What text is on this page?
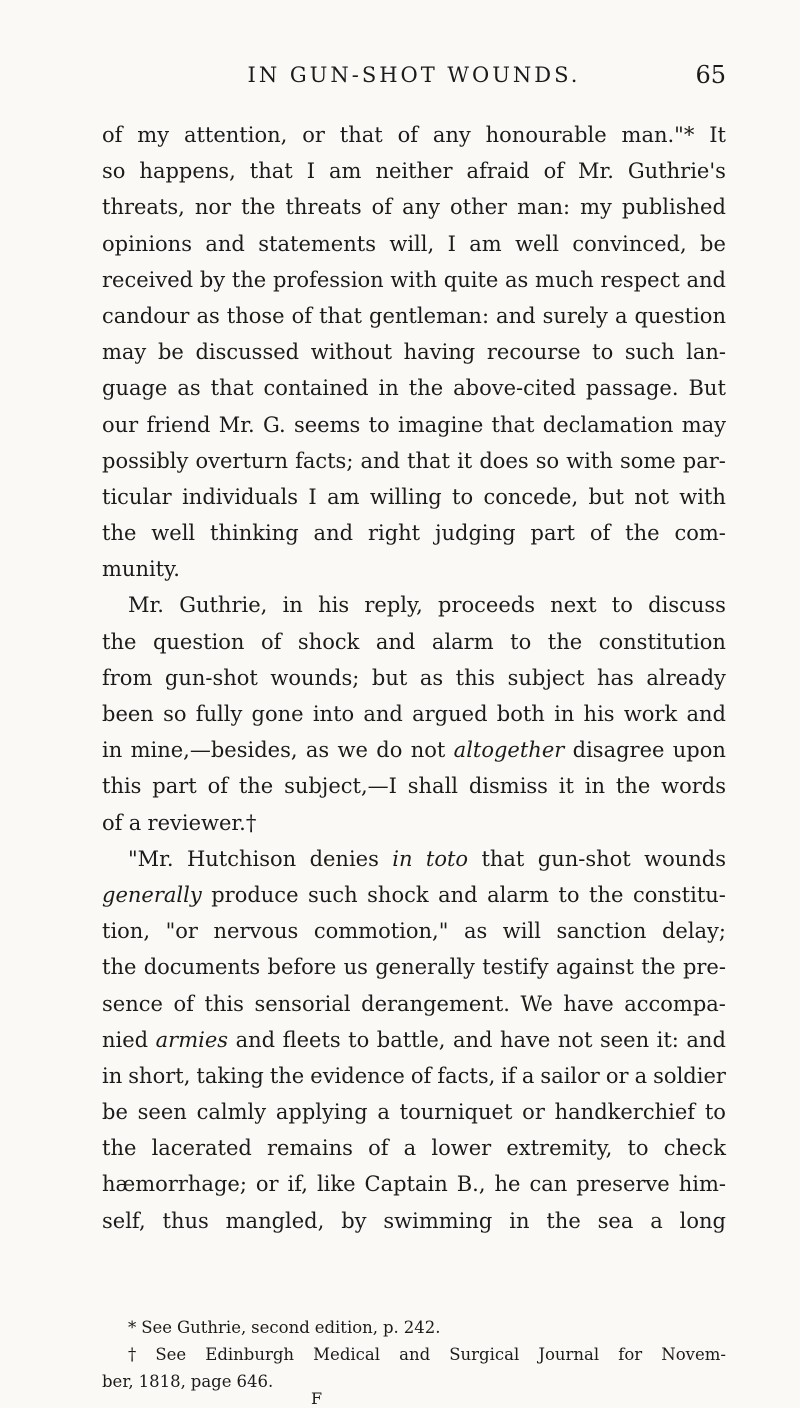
IN GUN-SHOT WOUNDS.	65
of my attention, or that of any honourable man."* It
so happens, that I am neither afraid of Mr. Guthrie's
threats, nor the threats of any other man: my published
opinions and statements will, I am well convinced, be
received by the profession with quite as much respect and
candour as those of that gentleman: and surely a question
may be discussed without having recourse to such lan-
guage as that contained in the above-cited passage. But
our friend Mr. G. seems to imagine that declamation may
possibly overturn facts; and that it does so with some par-
ticular individuals I am willing to concede, but not with
the well thinking and right judging part of the com-
munity.
Mr. Guthrie, in his reply, proceeds next to discuss
the question of shock and alarm to the constitution
from gun-shot wounds; but as this subject has already
been so fully gone into and argued both in his work and
in mine,—besides, as we do not altogether disagree upon
this part of the subject,—I shall dismiss it in the words
of a reviewer.†
"Mr. Hutchison denies in toto that gun-shot wounds
generally produce such shock and alarm to the constitu-
tion, "or nervous commotion," as will sanction delay;
the documents before us generally testify against the pre-
sence of this sensorial derangement. We have accompa-
nied armies and fleets to battle, and have not seen it: and
in short, taking the evidence of facts, if a sailor or a soldier
be seen calmly applying a tourniquet or handkerchief to
the lacerated remains of a lower extremity, to check
hæmorrhage; or if, like Captain B., he can preserve him-
self, thus mangled, by swimming in the sea a long
* See Guthrie, second edition, p. 242.
† See Edinburgh Medical and Surgical Journal for Novem-
ber, 1818, page 646.
F
